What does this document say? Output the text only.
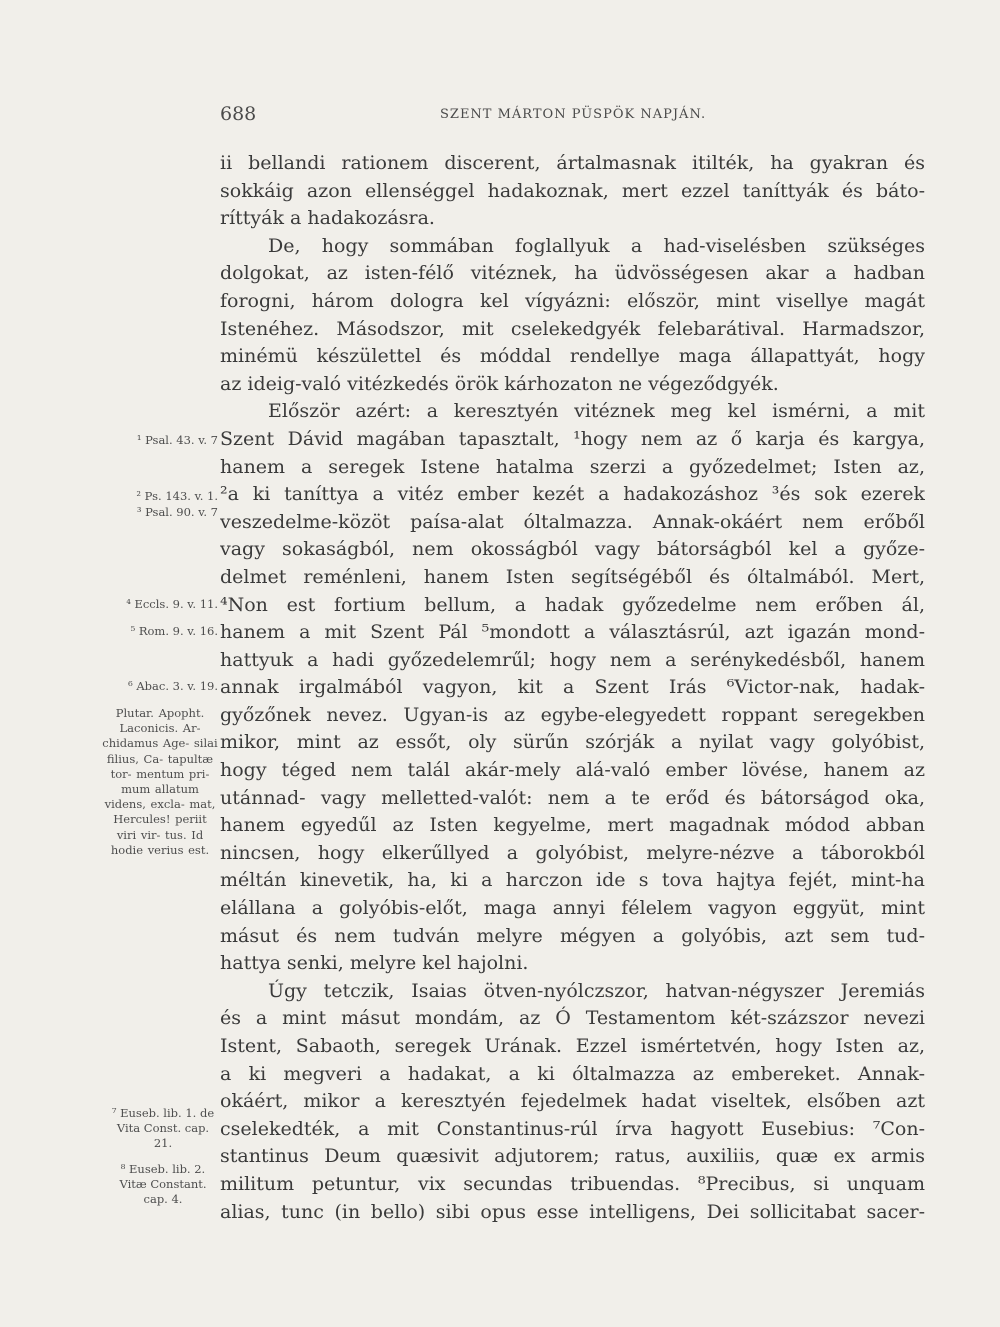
688	SZENT MÁRTON PÜSPÖK NAPJÁN.
ii bellandi rationem discerent, ártalmasnak itilték, ha gyakran és
sokkáig azon ellenséggel hadakoznak, mert ezzel taníttyák és báto-
ríttyák a hadakozásra.
De, hogy sommában foglallyuk a had-viselésben szükséges
dolgokat, az isten-félő vitéznek, ha üdvösségesen akar a hadban
forogni, három dologra kel vígyázni: először, mint visellye magát
Istenéhez. Másodszor, mit cselekedgyék felebarátival. Harmadszor,
minémü készülettel és móddal rendellye maga állapattyát, hogy
az ideig-való vitézkedés örök kárhozaton ne végeződgyék.
Először azért: a keresztyén vitéznek meg kel ismérni, a mit
Szent Dávid magában tapasztalt, ¹hogy nem az ő karja és kargya,
hanem a seregek Istene hatalma szerzi a győzedelmet; Isten az,
²a ki taníttya a vitéz ember kezét a hadakozáshoz ³és sok ezerek
veszedelme-közöt paísa-alat óltalmazza. Annak-okáért nem erőből
vagy sokaságból, nem okosságból vagy bátorságból kel a győze-
delmet reménleni, hanem Isten segítségéből és óltalmából. Mert,
⁴Non est fortium bellum, a hadak győzedelme nem erőben ál,
hanem a mit Szent Pál ⁵mondott a választásrúl, azt igazán mond-
hattyuk a hadi győzedelemrűl; hogy nem a serénykedésből, hanem
annak irgalmából vagyon, kit a Szent Irás ⁶Victor-nak, hadak-
győzőnek nevez. Ugyan-is az egybe-elegyedett roppant seregekben
mikor, mint az essőt, oly sürűn szórják a nyilat vagy golyóbist,
hogy téged nem talál akár-mely alá-való ember lövése, hanem az
utánnad- vagy melletted-valót: nem a te erőd és bátorságod oka,
hanem egyedűl az Isten kegyelme, mert magadnak módod abban
nincsen, hogy elkerűllyed a golyóbist, melyre-nézve a táborokból
méltán kinevetik, ha, ki a harczon ide s tova hajtya fejét, mint-ha
elállana a golyóbis-előt, maga annyi félelem vagyon eggyüt, mint
másut és nem tudván melyre mégyen a golyóbis, azt sem tud-
hattya senki, melyre kel hajolni.
Úgy tetczik, Isaias ötven-nyólczszor, hatvan-négyszer Jeremiás
és a mint másut mondám, az Ó Testamentom két-százszor nevezi
Istent, Sabaoth, seregek Urának. Ezzel ismértetvén, hogy Isten az,
a ki megveri a hadakat, a ki óltalmazza az embereket. Annak-
okáért, mikor a keresztyén fejedelmek hadat viseltek, elsőben azt
cselekedték, a mit Constantinus-rúl írva hagyott Eusebius: ⁷Con-
stantinus Deum quæsivit adjutorem; ratus, auxiliis, quæ ex armis
militum petuntur, vix secundas tribuendas. ⁸Precibus, si unquam
alias, tunc (in bello) sibi opus esse intelligens, Dei sollicitabat sacer-
¹ Psal. 43. v. 7
² Ps. 143. v. 1.
³ Psal. 90. v. 7
⁴ Eccls. 9. v. 11.
⁵ Rom. 9. v. 16.
⁶ Abac. 3. v. 19.
Plutar. Apopht. Laconicis. Ar- chidamus Age- silai filius, Ca- tapultæ tor- mentum pri- mum allatum videns, excla- mat, Hercules! periit viri vir- tus. Id hodie verius est.
⁷ Euseb. lib. 1. de Vita Const. cap. 21.
⁸ Euseb. lib. 2. Vitæ Constant. cap. 4.
